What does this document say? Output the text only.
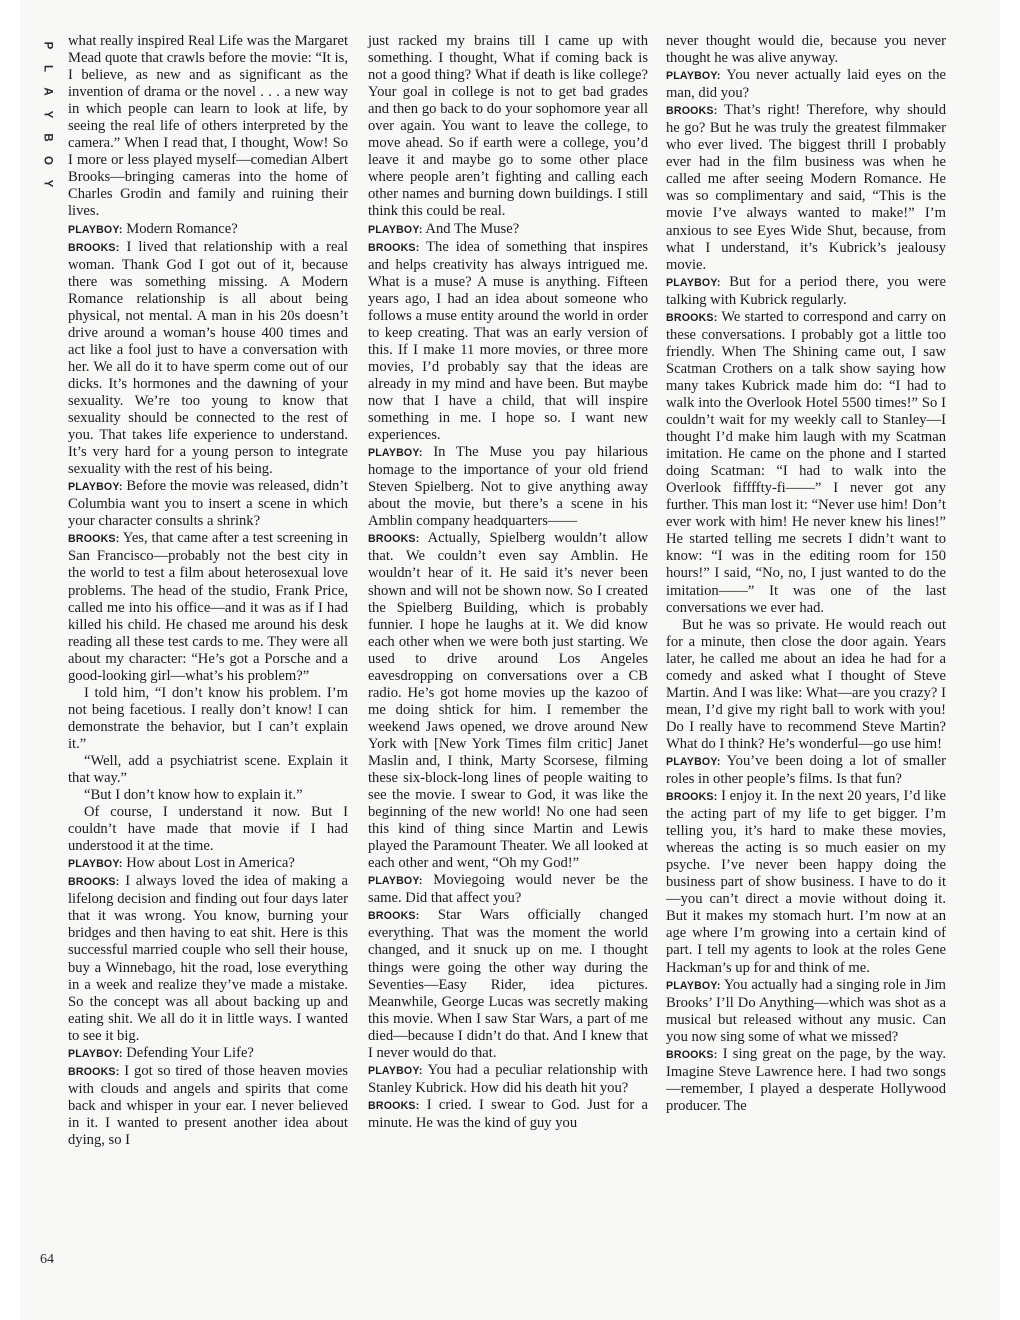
P
L
A
Y
B
O
Y
64

what really inspired Real Life was the Margaret Mead quote that crawls before the movie: “It is, I believe, as new and as significant as the invention of drama or the novel . . . a new way in which people can learn to look at life, by seeing the real life of others interpreted by the camera.” When I read that, I thought, Wow! So I more or less played myself—comedian Albert Brooks—bringing cameras into the home of Charles Grodin and family and ruining their lives.

PLAYBOY: Modern Romance?

BROOKS: I lived that relationship with a real woman. Thank God I got out of it, because there was something missing. A Modern Romance relationship is all about being physical, not mental. A man in his 20s doesn’t drive around a woman’s house 400 times and act like a fool just to have a conversation with her. We all do it to have sperm come out of our dicks. It’s hormones and the dawning of your sexuality. We’re too young to know that sexuality should be connected to the rest of you. That takes life experience to understand. It’s very hard for a young person to integrate sexuality with the rest of his being.

PLAYBOY: Before the movie was released, didn’t Columbia want you to insert a scene in which your character consults a shrink?

BROOKS: Yes, that came after a test screening in San Francisco—probably not the best city in the world to test a film about heterosexual love problems. The head of the studio, Frank Price, called me into his office—and it was as if I had killed his child. He chased me around his desk reading all these test cards to me. They were all about my character: “He’s got a Porsche and a good-looking girl—what’s his problem?”

I told him, “I don’t know his problem. I’m not being facetious. I really don’t know! I can demonstrate the behavior, but I can’t explain it.”

“Well, add a psychiatrist scene. Explain it that way.”

“But I don’t know how to explain it.”

Of course, I understand it now. But I couldn’t have made that movie if I had understood it at the time.

PLAYBOY: How about Lost in America?

BROOKS: I always loved the idea of making a lifelong decision and finding out four days later that it was wrong. You know, burning your bridges and then having to eat shit. Here is this successful married couple who sell their house, buy a Winnebago, hit the road, lose everything in a week and realize they’ve made a mistake. So the concept was all about backing up and eating shit. We all do it in little ways. I wanted to see it big.

PLAYBOY: Defending Your Life?

BROOKS: I got so tired of those heaven movies with clouds and angels and spirits that come back and whisper in your ear. I never believed in it. I wanted to present another idea about dying, so I

just racked my brains till I came up with something. I thought, What if coming back is not a good thing? What if death is like college? Your goal in college is not to get bad grades and then go back to do your sophomore year all over again. You want to leave the college, to move ahead. So if earth were a college, you’d leave it and maybe go to some other place where people aren’t fighting and calling each other names and burning down buildings. I still think this could be real.

PLAYBOY: And The Muse?

BROOKS: The idea of something that inspires and helps creativity has always intrigued me. What is a muse? A muse is anything. Fifteen years ago, I had an idea about someone who follows a muse entity around the world in order to keep creating. That was an early version of this. If I make 11 more movies, or three more movies, I’d probably say that the ideas are already in my mind and have been. But maybe now that I have a child, that will inspire something in me. I hope so. I want new experiences.

PLAYBOY: In The Muse you pay hilarious homage to the importance of your old friend Steven Spielberg. Not to give anything away about the movie, but there’s a scene in his Amblin company headquarters——

BROOKS: Actually, Spielberg wouldn’t allow that. We couldn’t even say Amblin. He wouldn’t hear of it. He said it’s never been shown and will not be shown now. So I created the Spielberg Building, which is probably funnier. I hope he laughs at it. We did know each other when we were both just starting. We used to drive around Los Angeles eavesdropping on conversations over a CB radio. He’s got home movies up the kazoo of me doing shtick for him. I remember the weekend Jaws opened, we drove around New York with [New York Times film critic] Janet Maslin and, I think, Marty Scorsese, filming these six-block-long lines of people waiting to see the movie. I swear to God, it was like the beginning of the new world! No one had seen this kind of thing since Martin and Lewis played the Paramount Theater. We all looked at each other and went, “Oh my God!”

PLAYBOY: Moviegoing would never be the same. Did that affect you?

BROOKS: Star Wars officially changed everything. That was the moment the world changed, and it snuck up on me. I thought things were going the other way during the Seventies—Easy Rider, idea pictures. Meanwhile, George Lucas was secretly making this movie. When I saw Star Wars, a part of me died—because I didn’t do that. And I knew that I never would do that.

PLAYBOY: You had a peculiar relationship with Stanley Kubrick. How did his death hit you?

BROOKS: I cried. I swear to God. Just for a minute. He was the kind of guy you

never thought would die, because you never thought he was alive anyway.

PLAYBOY: You never actually laid eyes on the man, did you?

BROOKS: That’s right! Therefore, why should he go? But he was truly the greatest filmmaker who ever lived. The biggest thrill I probably ever had in the film business was when he called me after seeing Modern Romance. He was so complimentary and said, “This is the movie I’ve always wanted to make!” I’m anxious to see Eyes Wide Shut, because, from what I understand, it’s Kubrick’s jealousy movie.

PLAYBOY: But for a period there, you were talking with Kubrick regularly.

BROOKS: We started to correspond and carry on these conversations. I probably got a little too friendly. When The Shining came out, I saw Scatman Crothers on a talk show saying how many takes Kubrick made him do: “I had to walk into the Overlook Hotel 5500 times!” So I couldn’t wait for my weekly call to Stanley—I thought I’d make him laugh with my Scatman imitation. He came on the phone and I started doing Scatman: “I had to walk into the Overlook fiffffty-fi——” I never got any further. This man lost it: “Never use him! Don’t ever work with him! He never knew his lines!” He started telling me secrets I didn’t want to know: “I was in the editing room for 150 hours!” I said, “No, no, I just wanted to do the imitation——” It was one of the last conversations we ever had.

But he was so private. He would reach out for a minute, then close the door again. Years later, he called me about an idea he had for a comedy and asked what I thought of Steve Martin. And I was like: What—are you crazy? I mean, I’d give my right ball to work with you! Do I really have to recommend Steve Martin? What do I think? He’s wonderful—go use him!

PLAYBOY: You’ve been doing a lot of smaller roles in other people’s films. Is that fun?

BROOKS: I enjoy it. In the next 20 years, I’d like the acting part of my life to get bigger. I’m telling you, it’s hard to make these movies, whereas the acting is so much easier on my psyche. I’ve never been happy doing the business part of show business. I have to do it—you can’t direct a movie without doing it. But it makes my stomach hurt. I’m now at an age where I’m growing into a certain kind of part. I tell my agents to look at the roles Gene Hackman’s up for and think of me.

PLAYBOY: You actually had a singing role in Jim Brooks’ I’ll Do Anything—which was shot as a musical but released without any music. Can you now sing some of what we missed?

BROOKS: I sing great on the page, by the way. Imagine Steve Lawrence here. I had two songs—remember, I played a desperate Hollywood producer. The
